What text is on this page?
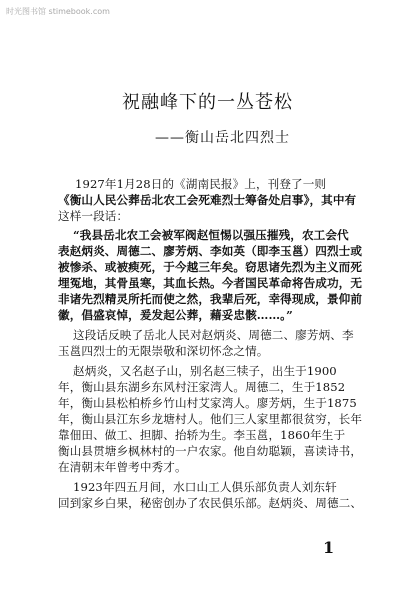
时光图书馆 stimebook.com
祝融峰下的一丛苍松
——衡山岳北四烈士
1927年1月28日的《湖南民报》上，刊登了一则
《衡山人民公葬岳北农工会死难烈士筹备处启事》，其中有
这样一段话：
“我县岳北农工会被军阀赵恒惕以强压摧残，农工会代
表赵炳炎、周德二、廖芳炳、李如英（即李玉邕）四烈士或
被惨杀、或被瘐死，于今越三年矣。窃思诸先烈为主义而死
埋冤地，其骨虽寒，其血长热。今者国民革命将告成功，无
非诸先烈精灵所托而使之然，我辈后死，幸得现成，景仰前
徽，倡盛哀悼，爰发起公葬，藉妥忠骸……。”
这段话反映了岳北人民对赵炳炎、周德二、廖芳炳、李
玉邕四烈士的无限崇敬和深切怀念之情。
赵炳炎，又名赵子山，别名赵三犊子，出生于1900
年，衡山县东湖乡东风村汪家湾人。周德二，生于1852
年，衡山县松柏桥乡竹山村艾家湾人。廖芳炳，生于1875
年，衡山县江东乡龙塘村人。他们三人家里都很贫穷，长年
靠佃田、做工、担脚、抬轿为生。李玉邕，1860年生于
衡山县贯塘乡枫林村的一户农家。他自幼聪颖，喜读诗书，
在清朝末年曾考中秀才。
1923年四五月间，水口山工人俱乐部负责人刘东轩
回到家乡白果，秘密创办了农民俱乐部。赵炳炎、周德二、
1
